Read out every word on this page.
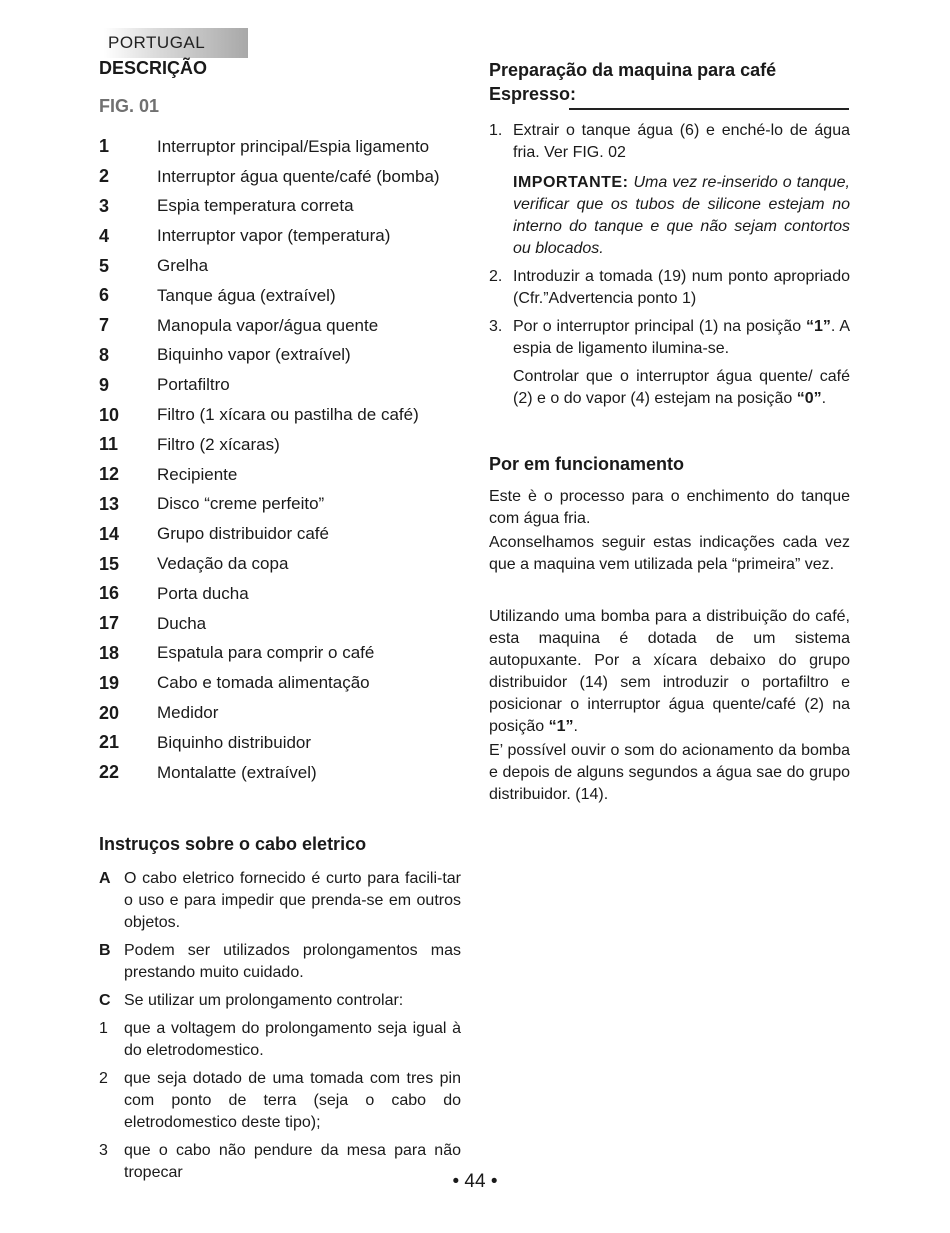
PORTUGAL
DESCRIÇÃO
FIG. 01
1	Interruptor principal/Espia ligamento
2	Interruptor água quente/café (bomba)
3	Espia temperatura correta
4	Interruptor vapor (temperatura)
5	Grelha
6	Tanque água (extraível)
7	Manopula vapor/água quente
8	Biquinho vapor (extraível)
9	Portafiltro
10	Filtro (1 xícara ou pastilha de café)
11	Filtro (2 xícaras)
12	Recipiente
13	Disco “creme perfeito”
14	Grupo distribuidor café
15	Vedação da copa
16	Porta ducha
17	Ducha
18	Espatula para comprir o café
19	Cabo e tomada alimentação
20	Medidor
21	Biquinho distribuidor
22	Montalatte (extraível)
Instruços sobre o cabo eletrico
A O cabo eletrico fornecido é curto para facili-tar o uso e para impedir que prenda-se em outros objetos.
B Podem ser utilizados prolongamentos mas prestando muito cuidado.
C Se utilizar um prolongamento controlar:
1	que a voltagem do prolongamento seja igual à do eletrodomestico.
2	que seja dotado de uma tomada com tres pin com ponto de terra (seja o cabo do eletrodomestico deste tipo);
3	que o cabo não pendure da mesa para não tropecar
Preparação da maquina para café
Espresso:
1. Extrair o tanque água (6) e enché-lo de água fria. Ver FIG. 02
IMPORTANTE: Uma vez re-inserido o tanque, verificar que os tubos de silicone estejam no interno do tanque e que não sejam contortos ou blocados.
2. Introduzir a tomada (19) num ponto apropriado (Cfr.”Advertencia ponto 1)
3. Por o interruptor principal (1) na posição “1”. A espia de ligamento ilumina-se.
Controlar que o interruptor água quente/ café (2) e o do vapor (4) estejam na posição “0”.
Por em funcionamento

Este è o processo para o enchimento do tanque com água fria.

Aconselhamos seguir estas indicações cada vez que a maquina vem utilizada pela “primeira” vez.

Utilizando uma bomba para a distribuição do café, esta maquina é dotada de um sistema autopuxante. Por a xícara debaixo do grupo distribuidor (14) sem introduzir o portafiltro e posicionar o interruptor água quente/café (2) na posição “1”.

E’ possível ouvir o som do acionamento da bomba e depois de alguns segundos a água sae do grupo distribuidor. (14).

• 44 •
